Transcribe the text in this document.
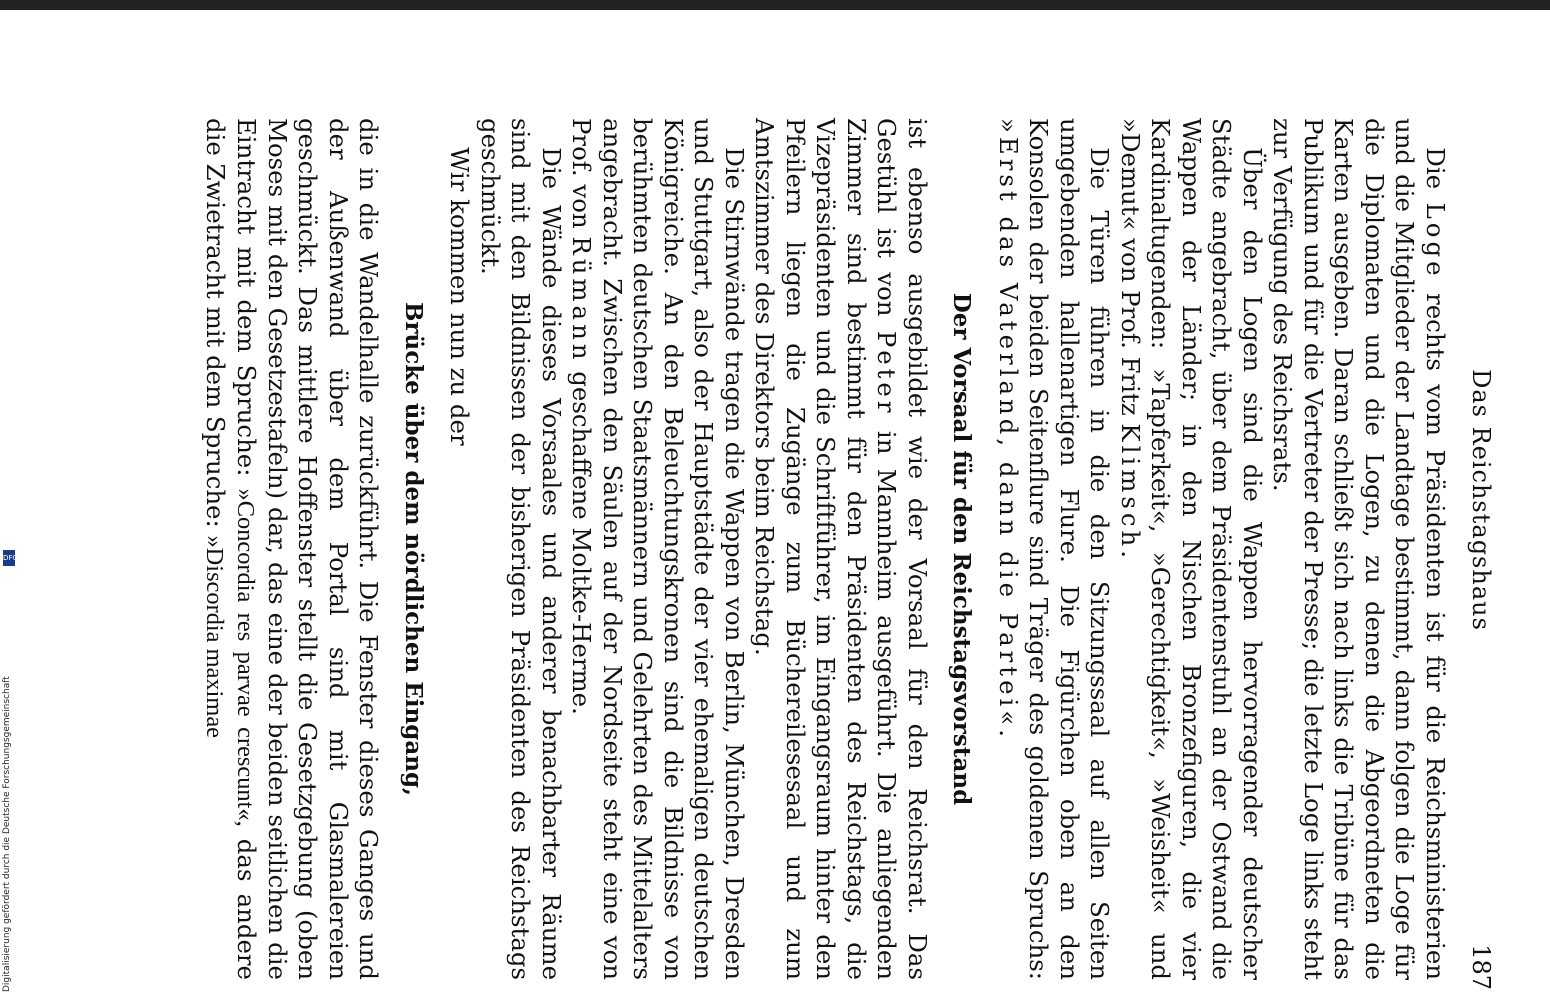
Das Reichstagshaus
187

Die Loge rechts vom Präsidenten ist für die Reichsministerien und die Mitglieder der Landtage bestimmt, dann folgen die Loge für die Diplomaten und die Logen, zu denen die Abgeordneten die Karten ausgeben. Daran schließt sich nach links die Tribüne für das Publikum und für die Vertreter der Presse; die letzte Loge links steht zur Verfügung des Reichsrats.

Über den Logen sind die Wappen hervorragender deutscher Städte angebracht, über dem Präsidentenstuhl an der Ostwand die Wappen der Länder; in den Nischen Bronzefiguren, die vier Kardinaltugenden: »Tapferkeit«, »Gerechtigkeit«, »Weisheit« und »Demut« von Prof. Fritz Klimsch.

Die Türen führen in die den Sitzungssaal auf allen Seiten umgebenden hallenartigen Flure. Die Figürchen oben an den Konsolen der beiden Seitenflure sind Träger des goldenen Spruchs: »Erst das Vaterland, dann die Partei«.

Der Vorsaal für den Reichstagsvorstand

ist ebenso ausgebildet wie der Vorsaal für den Reichsrat. Das Gestühl ist von Peter in Mannheim ausgeführt. Die anliegenden Zimmer sind bestimmt für den Präsidenten des Reichstags, die Vizepräsidenten und die Schriftführer, im Eingangsraum hinter den Pfeilern liegen die Zugänge zum Büchereilesesaal und zum Amtszimmer des Direktors beim Reichstag.

Die Stirnwände tragen die Wappen von Berlin, München, Dresden und Stuttgart, also der Hauptstädte der vier ehemaligen deutschen Königreiche. An den Beleuchtungskronen sind die Bildnisse von berühmten deutschen Staatsmännern und Gelehrten des Mittelalters angebracht. Zwischen den Säulen auf der Nordseite steht eine von Prof. von Rümann geschaffene Moltke-Herme.

Die Wände dieses Vorsaales und anderer benachbarter Räume sind mit den Bildnissen der bisherigen Präsidenten des Reichstags geschmückt.

Wir kommen nun zu der

Brücke über dem nördlichen Eingang,

die in die Wandelhalle zurückführt. Die Fenster dieses Ganges und der Außenwand über dem Portal sind mit Glasmalereien geschmückt. Das mittlere Hoffenster stellt die Gesetzgebung (oben Moses mit den Gesetzestafeln) dar, das eine der beiden seitlichen die Eintracht mit dem Spruche: »Concordia res parvae crescunt«, das andere die Zwietracht mit dem Spruche: »Discordia maximae

Digitalisierung gefördert durch die Deutsche Forschungsgemeinschaft
DFG
